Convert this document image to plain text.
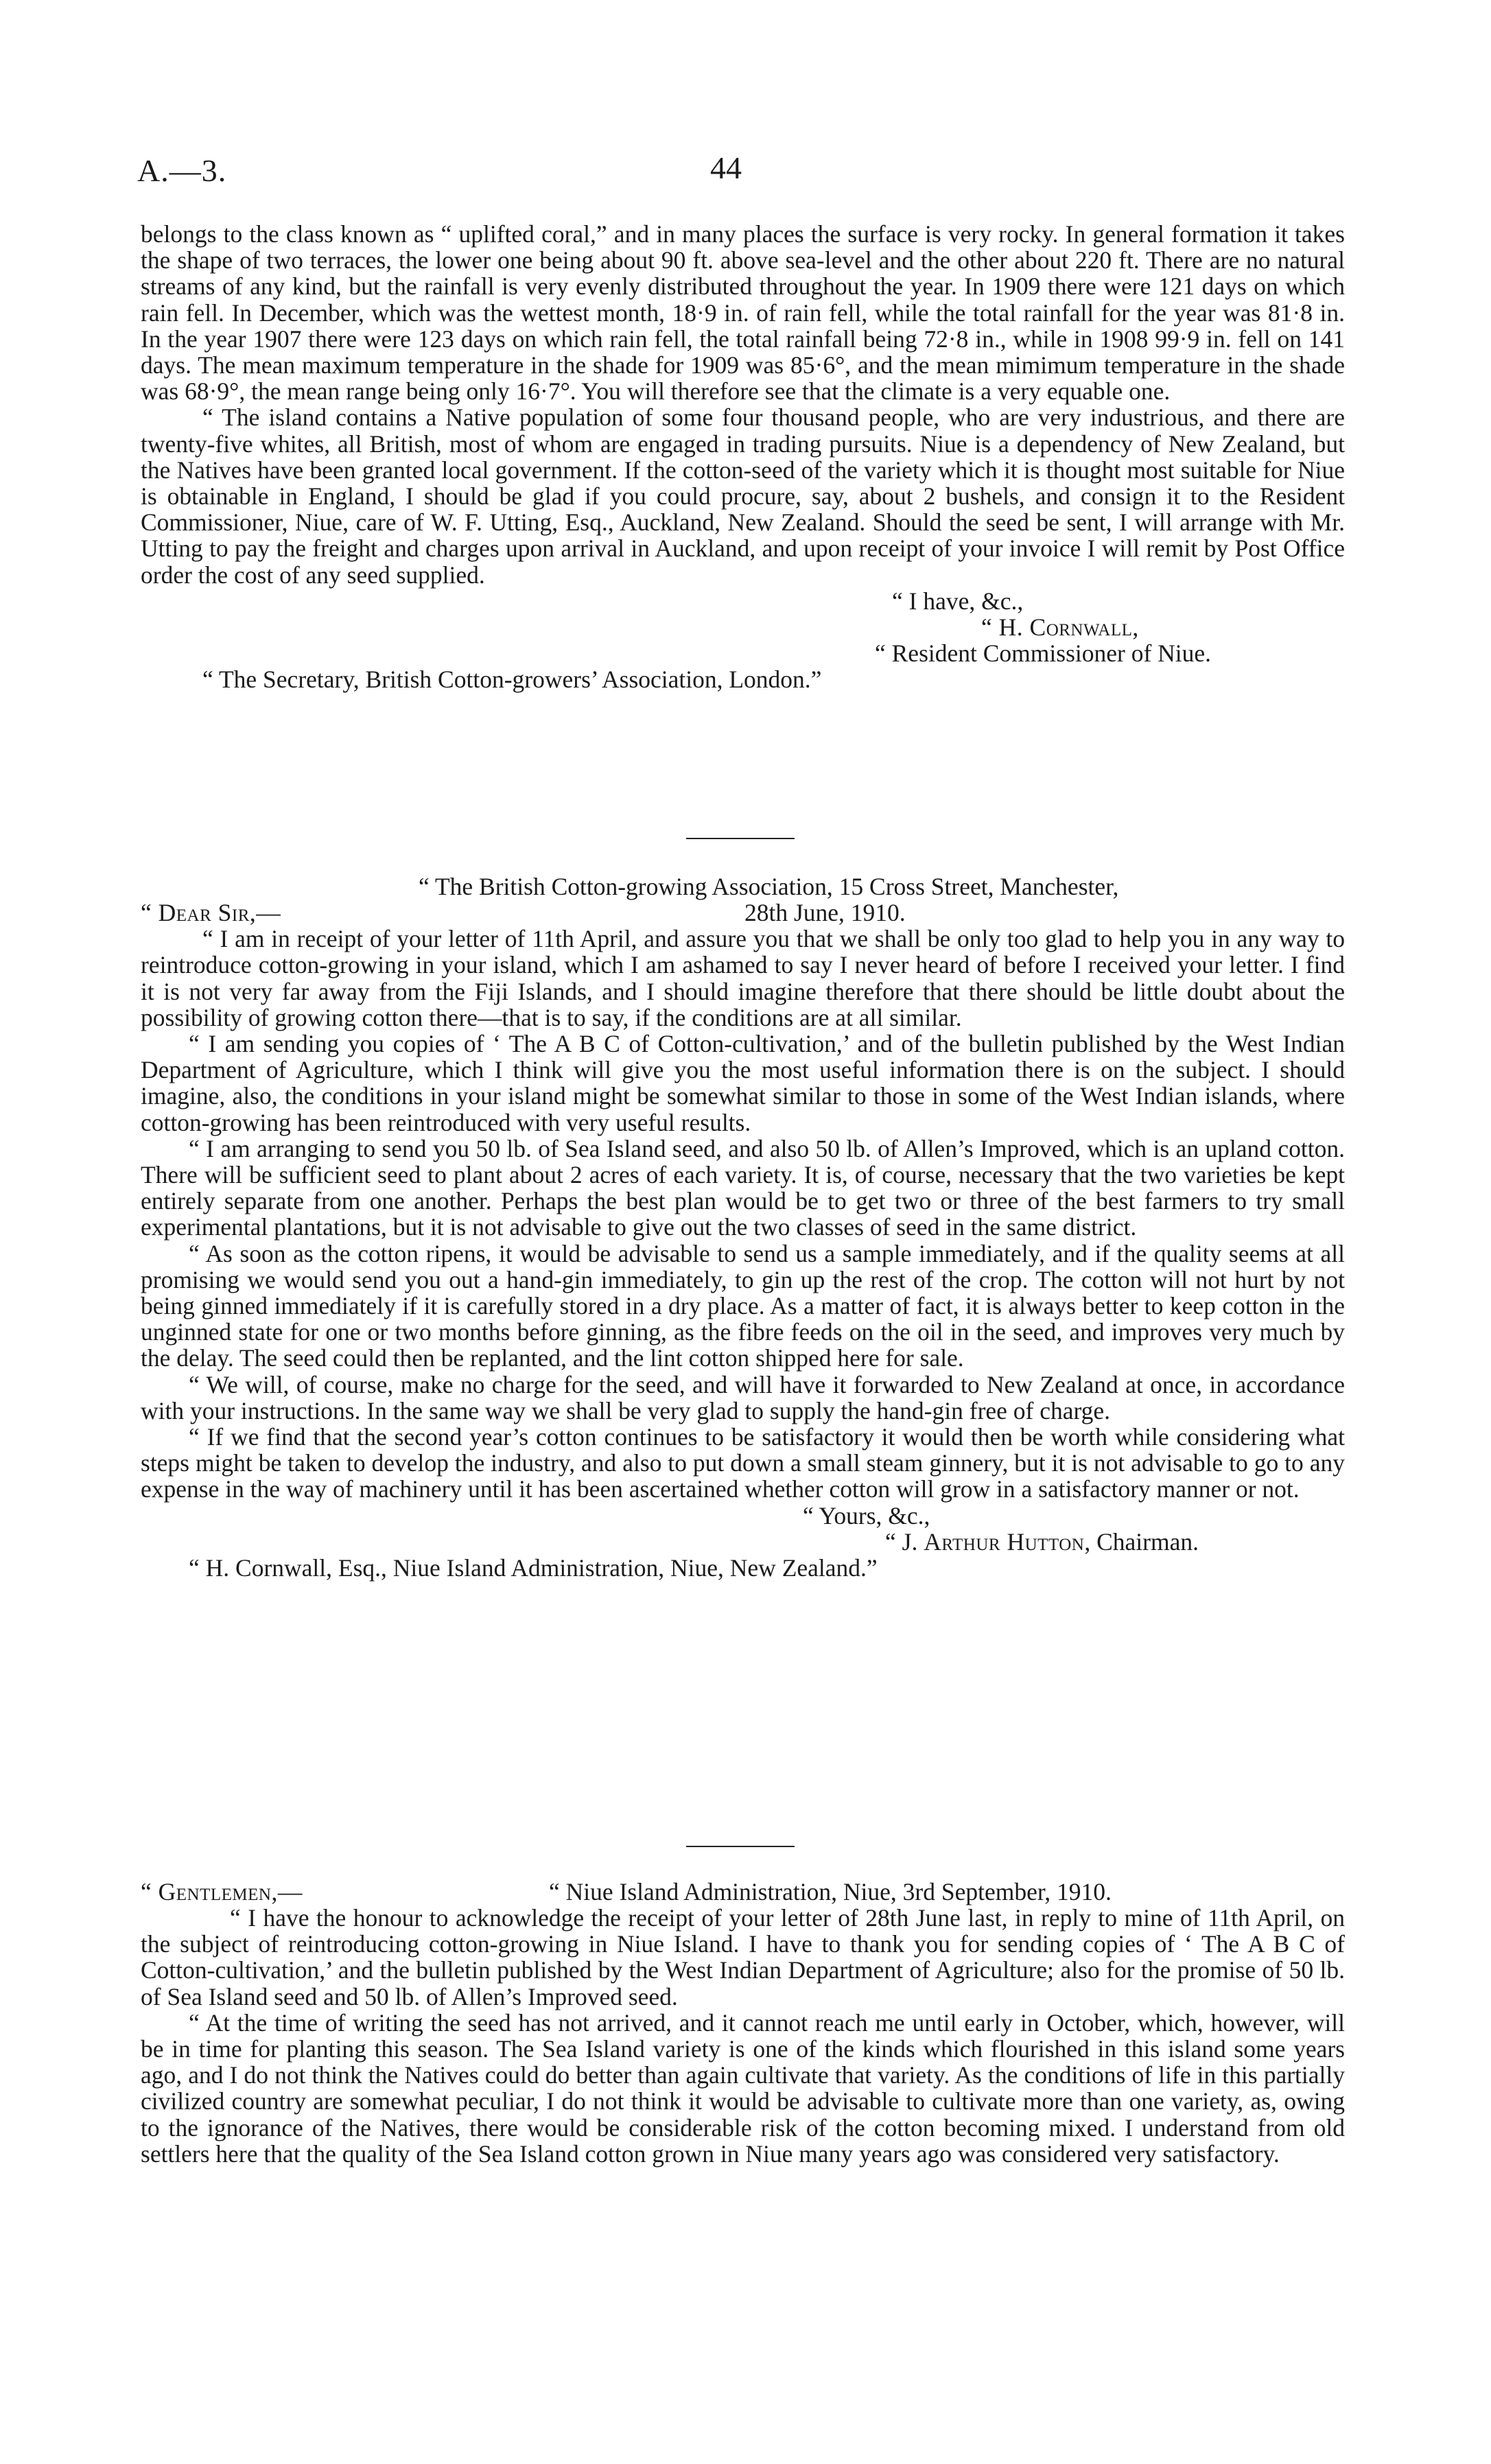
A.—3.	44

belongs to the class known as “ uplifted coral,” and in many places the surface is very rocky. In general formation it takes the shape of two terraces, the lower one being about 90 ft. above sea-level and the other about 220 ft. There are no natural streams of any kind, but the rainfall is very evenly distributed throughout the year. In 1909 there were 121 days on which rain fell. In December, which was the wettest month, 18·9 in. of rain fell, while the total rainfall for the year was 81·8 in. In the year 1907 there were 123 days on which rain fell, the total rainfall being 72·8 in., while in 1908 99·9 in. fell on 141 days. The mean maximum temperature in the shade for 1909 was 85·6°, and the mean mimimum temperature in the shade was 68·9°, the mean range being only 16·7°. You will therefore see that the climate is a very equable one.

“ The island contains a Native population of some four thousand people, who are very industrious, and there are twenty-five whites, all British, most of whom are engaged in trading pursuits. Niue is a dependency of New Zealand, but the Natives have been granted local government. If the cotton-seed of the variety which it is thought most suitable for Niue is obtainable in England, I should be glad if you could procure, say, about 2 bushels, and consign it to the Resident Commissioner, Niue, care of W. F. Utting, Esq., Auckland, New Zealand. Should the seed be sent, I will arrange with Mr. Utting to pay the freight and charges upon arrival in Auckland, and upon receipt of your invoice I will remit by Post Office order the cost of any seed supplied.

“ I have, &c.,

“ H. Cornwall,

“ Resident Commissioner of Niue.

“ The Secretary, British Cotton-growers’ Association, London.”

“ The British Cotton-growing Association, 15 Cross Street, Manchester,

“ Dear Sir,—	28th June, 1910.

“ I am in receipt of your letter of 11th April, and assure you that we shall be only too glad to help you in any way to reintroduce cotton-growing in your island, which I am ashamed to say I never heard of before I received your letter. I find it is not very far away from the Fiji Islands, and I should imagine therefore that there should be little doubt about the possibility of growing cotton there—that is to say, if the conditions are at all similar.

“ I am sending you copies of ‘ The A B C of Cotton-cultivation,’ and of the bulletin published by the West Indian Department of Agriculture, which I think will give you the most useful information there is on the subject. I should imagine, also, the conditions in your island might be somewhat similar to those in some of the West Indian islands, where cotton-growing has been reintroduced with very useful results.

“ I am arranging to send you 50 lb. of Sea Island seed, and also 50 lb. of Allen’s Improved, which is an upland cotton. There will be sufficient seed to plant about 2 acres of each variety. It is, of course, necessary that the two varieties be kept entirely separate from one another. Perhaps the best plan would be to get two or three of the best farmers to try small experimental plantations, but it is not advisable to give out the two classes of seed in the same district.

“ As soon as the cotton ripens, it would be advisable to send us a sample immediately, and if the quality seems at all promising we would send you out a hand-gin immediately, to gin up the rest of the crop. The cotton will not hurt by not being ginned immediately if it is carefully stored in a dry place. As a matter of fact, it is always better to keep cotton in the unginned state for one or two months before ginning, as the fibre feeds on the oil in the seed, and improves very much by the delay. The seed could then be replanted, and the lint cotton shipped here for sale.

“ We will, of course, make no charge for the seed, and will have it forwarded to New Zealand at once, in accordance with your instructions. In the same way we shall be very glad to supply the hand-gin free of charge.

“ If we find that the second year’s cotton continues to be satisfactory it would then be worth while considering what steps might be taken to develop the industry, and also to put down a small steam ginnery, but it is not advisable to go to any expense in the way of machinery until it has been ascertained whether cotton will grow in a satisfactory manner or not.

“ Yours, &c.,

“ J. Arthur Hutton, Chairman.

“ H. Cornwall, Esq., Niue Island Administration, Niue, New Zealand.”

“ Gentlemen,—	“ Niue Island Administration, Niue, 3rd September, 1910.

“ I have the honour to acknowledge the receipt of your letter of 28th June last, in reply to mine of 11th April, on the subject of reintroducing cotton-growing in Niue Island. I have to thank you for sending copies of ‘ The A B C of Cotton-cultivation,’ and the bulletin published by the West Indian Department of Agriculture; also for the promise of 50 lb. of Sea Island seed and 50 lb. of Allen’s Improved seed.

“ At the time of writing the seed has not arrived, and it cannot reach me until early in October, which, however, will be in time for planting this season. The Sea Island variety is one of the kinds which flourished in this island some years ago, and I do not think the Natives could do better than again cultivate that variety. As the conditions of life in this partially civilized country are somewhat peculiar, I do not think it would be advisable to cultivate more than one variety, as, owing to the ignorance of the Natives, there would be considerable risk of the cotton becoming mixed. I understand from old settlers here that the quality of the Sea Island cotton grown in Niue many years ago was considered very satisfactory.
